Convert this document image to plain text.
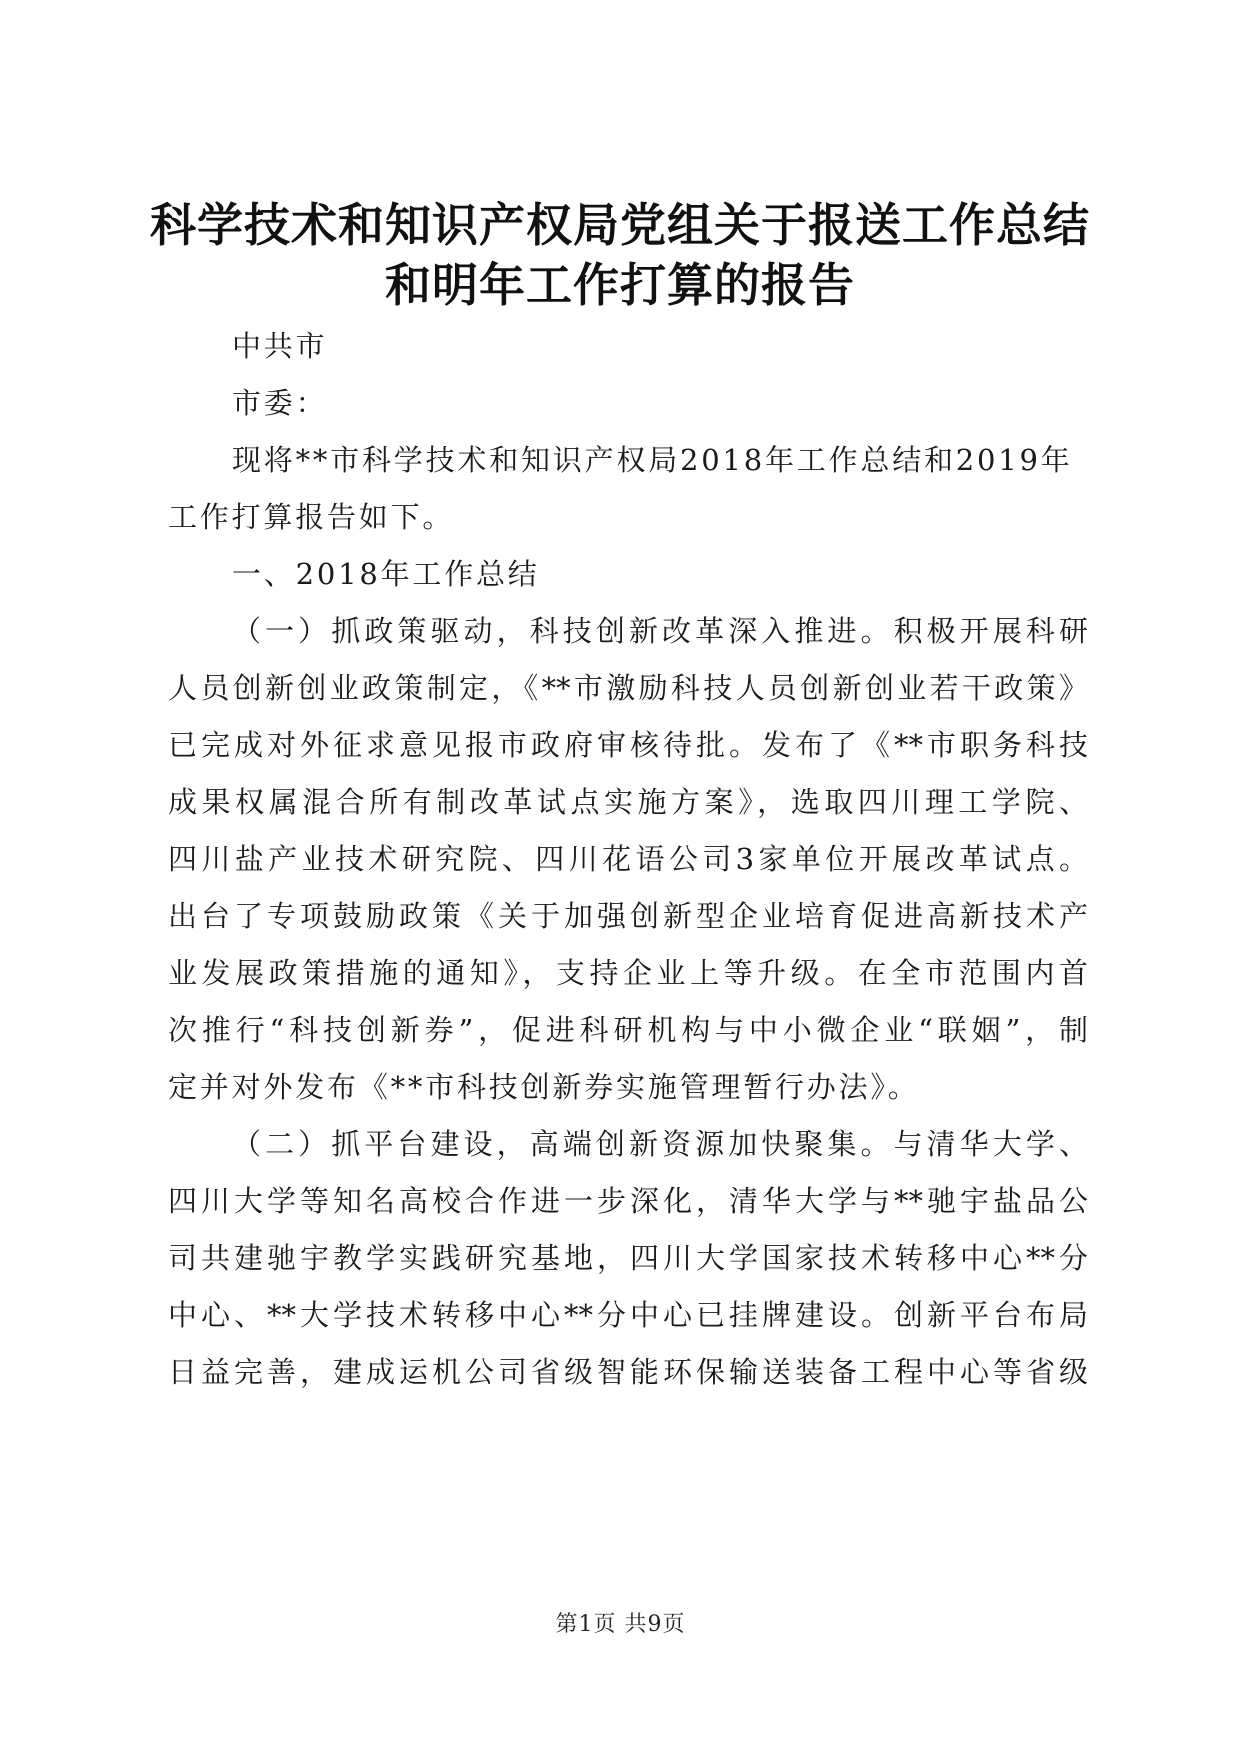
科学技术和知识产权局党组关于报送工作总结
和明年工作打算的报告
中共市
市委：
现将**市科学技术和知识产权局2018年工作总结和2019年
工作打算报告如下。
一、2018年工作总结
（一）抓政策驱动，科技创新改革深入推进。积极开展科研
人员创新创业政策制定，《**市激励科技人员创新创业若干政策》
已完成对外征求意见报市政府审核待批。发布了《**市职务科技
成果权属混合所有制改革试点实施方案》，选取四川理工学院、
四川盐产业技术研究院、四川花语公司3家单位开展改革试点。
出台了专项鼓励政策《关于加强创新型企业培育促进高新技术产
业发展政策措施的通知》，支持企业上等升级。在全市范围内首
次推行“科技创新券”，促进科研机构与中小微企业“联姻”，制
定并对外发布《**市科技创新券实施管理暂行办法》。
（二）抓平台建设，高端创新资源加快聚集。与清华大学、
四川大学等知名高校合作进一步深化，清华大学与**驰宇盐品公
司共建驰宇教学实践研究基地，四川大学国家技术转移中心**分
中心、**大学技术转移中心**分中心已挂牌建设。创新平台布局
日益完善，建成运机公司省级智能环保输送装备工程中心等省级
第1页 共9页
